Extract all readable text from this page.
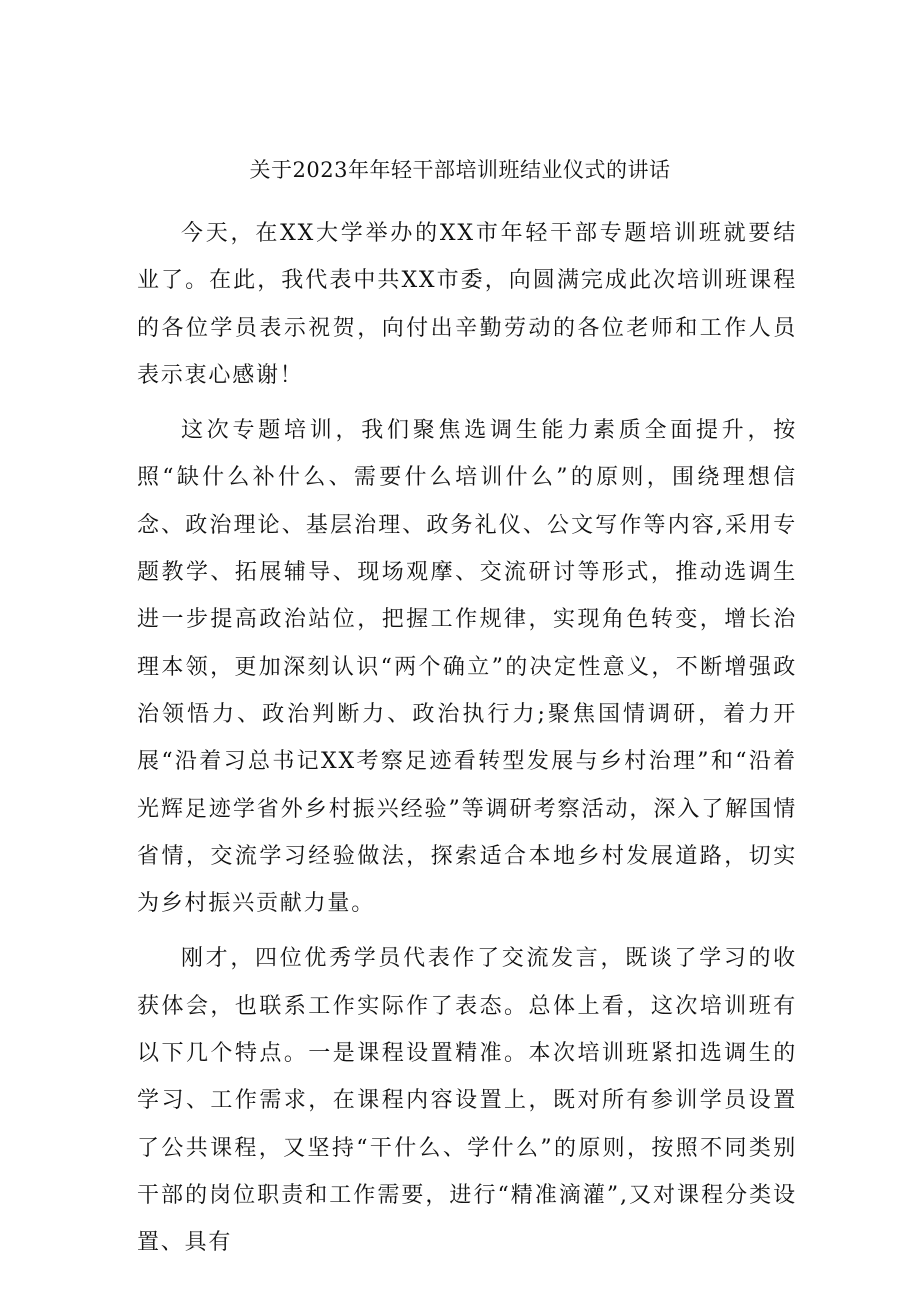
关于2023年年轻干部培训班结业仪式的讲话

今天，在XX大学举办的XX市年轻干部专题培训班就要结业了。在此，我代表中共XX市委，向圆满完成此次培训班课程的各位学员表示祝贺，向付出辛勤劳动的各位老师和工作人员表示衷心感谢！

这次专题培训，我们聚焦选调生能力素质全面提升，按照“缺什么补什么、需要什么培训什么”的原则，围绕理想信念、政治理论、基层治理、政务礼仪、公文写作等内容,采用专题教学、拓展辅导、现场观摩、交流研讨等形式，推动选调生进一步提高政治站位，把握工作规律，实现角色转变，增长治理本领，更加深刻认识“两个确立”的决定性意义，不断增强政治领悟力、政治判断力、政治执行力;聚焦国情调研，着力开展“沿着习总书记XX考察足迹看转型发展与乡村治理”和“沿着光辉足迹学省外乡村振兴经验”等调研考察活动，深入了解国情省情，交流学习经验做法，探索适合本地乡村发展道路，切实为乡村振兴贡献力量。

刚才，四位优秀学员代表作了交流发言，既谈了学习的收获体会，也联系工作实际作了表态。总体上看，这次培训班有以下几个特点。一是课程设置精准。本次培训班紧扣选调生的学习、工作需求，在课程内容设置上，既对所有参训学员设置了公共课程，又坚持“干什么、学什么”的原则，按照不同类别干部的岗位职责和工作需要，进行“精准滴灌”,又对课程分类设置、具有
